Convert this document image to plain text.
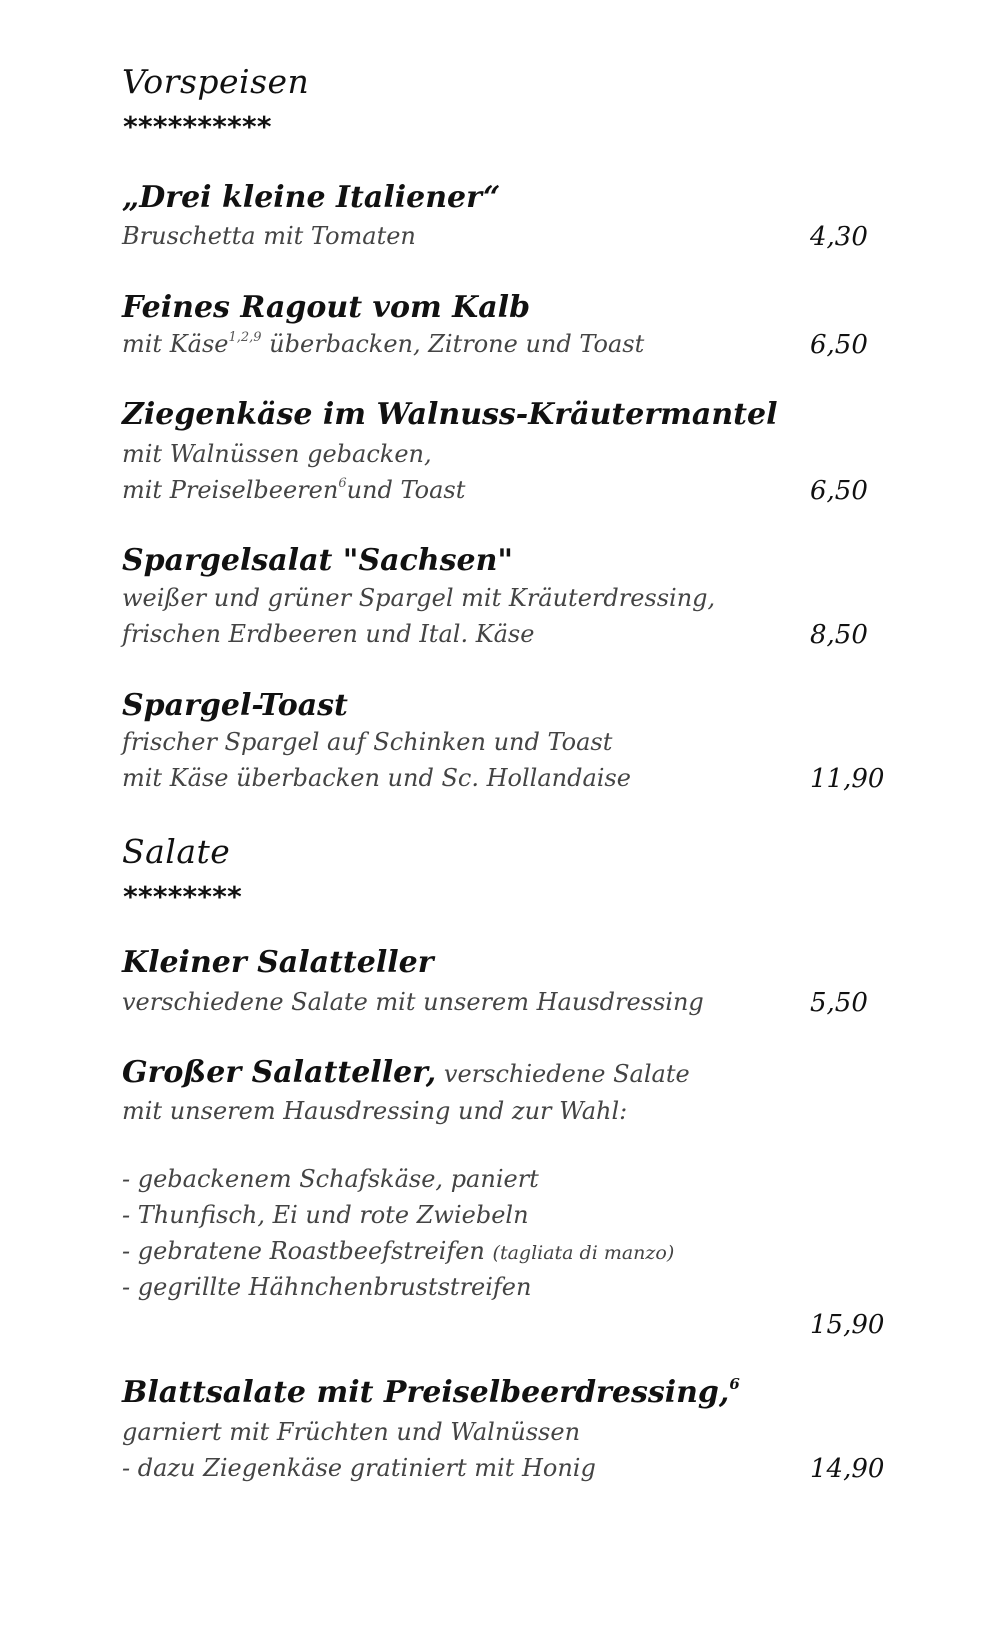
Vorspeisen
**********
„Drei kleine Italiener“
Bruschetta mit Tomaten	4,30
Feines Ragout vom Kalb
mit Käse$^{1,2,9}$ überbacken, Zitrone und Toast	6,50
Ziegenkäse im Walnuss-Kräutermantel
mit Walnüssen gebacken,
mit Preiselbeeren$^6$und Toast	6,50
Spargelsalat "Sachsen"
weißer und grüner Spargel mit Kräuterdressing,
frischen Erdbeeren und Ital. Käse	8,50
Spargel-Toast
frischer Spargel auf Schinken und Toast
mit Käse überbacken und Sc. Hollandaise	11,90
Salate
********
Kleiner Salatteller
verschiedene Salate mit unserem Hausdressing	5,50
Großer Salatteller, verschiedene Salate
mit unserem Hausdressing und zur Wahl:
- gebackenem Schafskäse, paniert
- Thunfisch, Ei und rote Zwiebeln
- gebratene Roastbeefstreifen (tagliata di manzo)
- gegrillte Hähnchenbruststreifen
15,90
Blattsalate mit Preiselbeerdressing,$^6$
garniert mit Früchten und Walnüssen
- dazu Ziegenkäse gratiniert mit Honig	14,90
